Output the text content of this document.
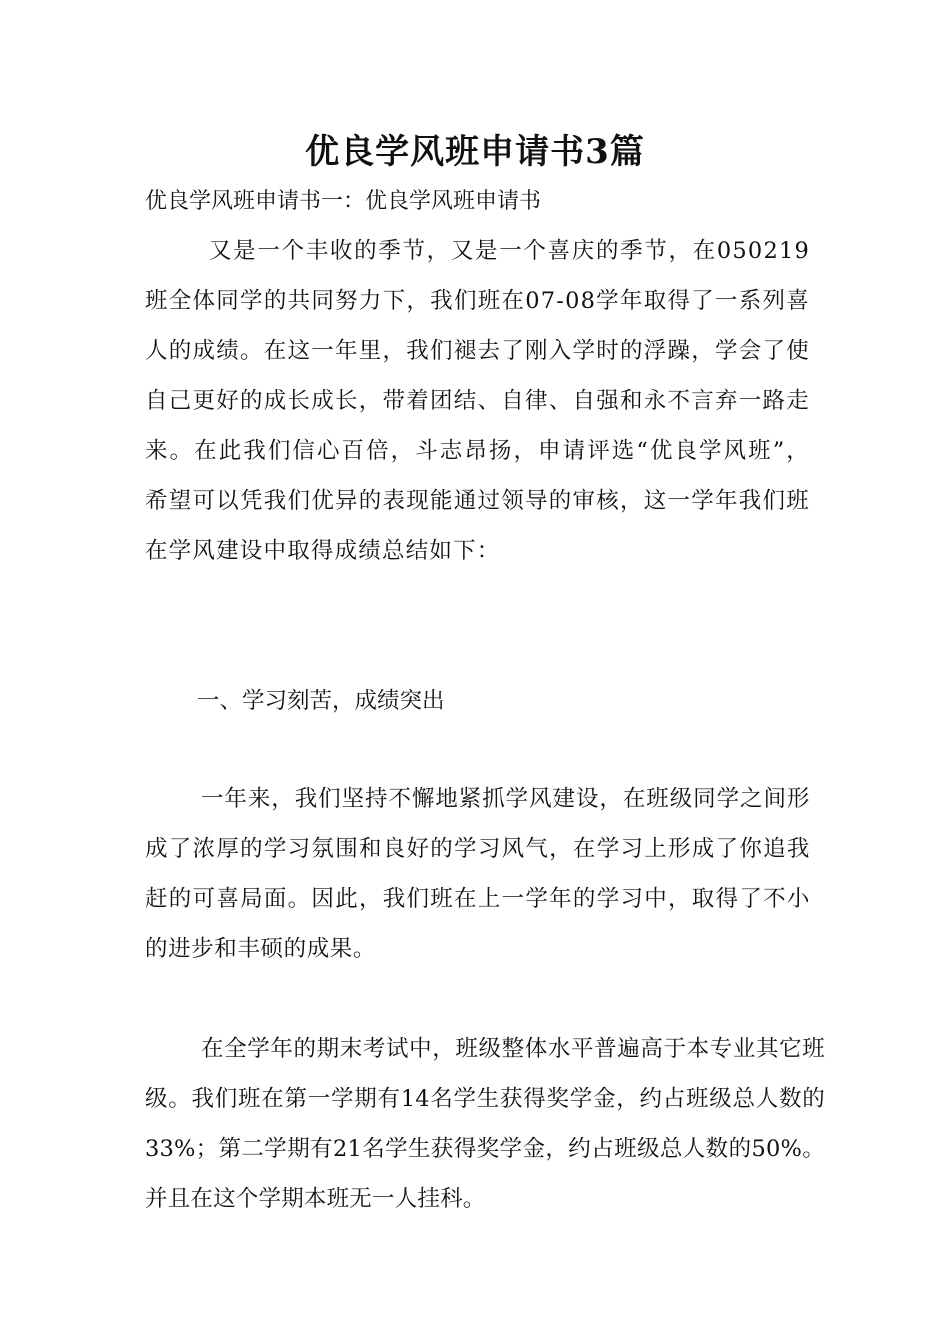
优良学风班申请书3篇

优良学风班申请书一：优良学风班申请书

又是一个丰收的季节，又是一个喜庆的季节，在050219班全体同学的共同努力下，我们班在07-08学年取得了一系列喜人的成绩。在这一年里，我们褪去了刚入学时的浮躁，学会了使自己更好的成长成长，带着团结、自律、自强和永不言弃一路走来。在此我们信心百倍，斗志昂扬，申请评选“优良学风班”，希望可以凭我们优异的表现能通过领导的审核，这一学年我们班在学风建设中取得成绩总结如下：

一、学习刻苦，成绩突出

一年来，我们坚持不懈地紧抓学风建设，在班级同学之间形成了浓厚的学习氛围和良好的学习风气，在学习上形成了你追我赶的可喜局面。因此，我们班在上一学年的学习中，取得了不小的进步和丰硕的成果。

在全学年的期末考试中，班级整体水平普遍高于本专业其它班级。我们班在第一学期有14名学生获得奖学金，约占班级总人数的33%；第二学期有21名学生获得奖学金，约占班级总人数的50%。并且在这个学期本班无一人挂科。
